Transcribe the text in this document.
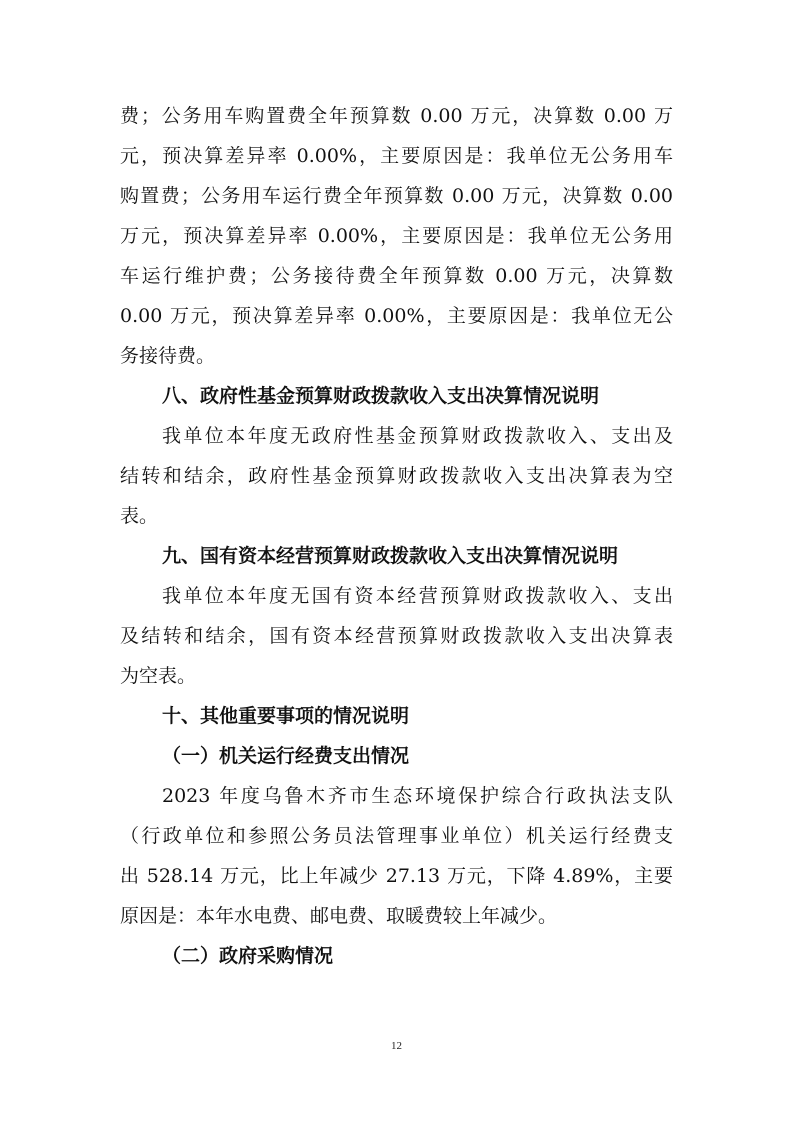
费；公务用车购置费全年预算数 0.00 万元，决算数 0.00 万
元，预决算差异率 0.00%，主要原因是：我单位无公务用车
购置费；公务用车运行费全年预算数 0.00 万元，决算数 0.00
万元，预决算差异率 0.00%，主要原因是：我单位无公务用
车运行维护费；公务接待费全年预算数 0.00 万元，决算数
0.00 万元，预决算差异率 0.00%，主要原因是：我单位无公
务接待费。
八、政府性基金预算财政拨款收入支出决算情况说明
我单位本年度无政府性基金预算财政拨款收入、支出及
结转和结余，政府性基金预算财政拨款收入支出决算表为空
表。
九、国有资本经营预算财政拨款收入支出决算情况说明
我单位本年度无国有资本经营预算财政拨款收入、支出
及结转和结余，国有资本经营预算财政拨款收入支出决算表
为空表。
十、其他重要事项的情况说明
（一）机关运行经费支出情况
2023 年度乌鲁木齐市生态环境保护综合行政执法支队
（行政单位和参照公务员法管理事业单位）机关运行经费支
出 528.14 万元，比上年减少 27.13 万元，下降 4.89%，主要
原因是：本年水电费、邮电费、取暖费较上年减少。
（二）政府采购情况
12
